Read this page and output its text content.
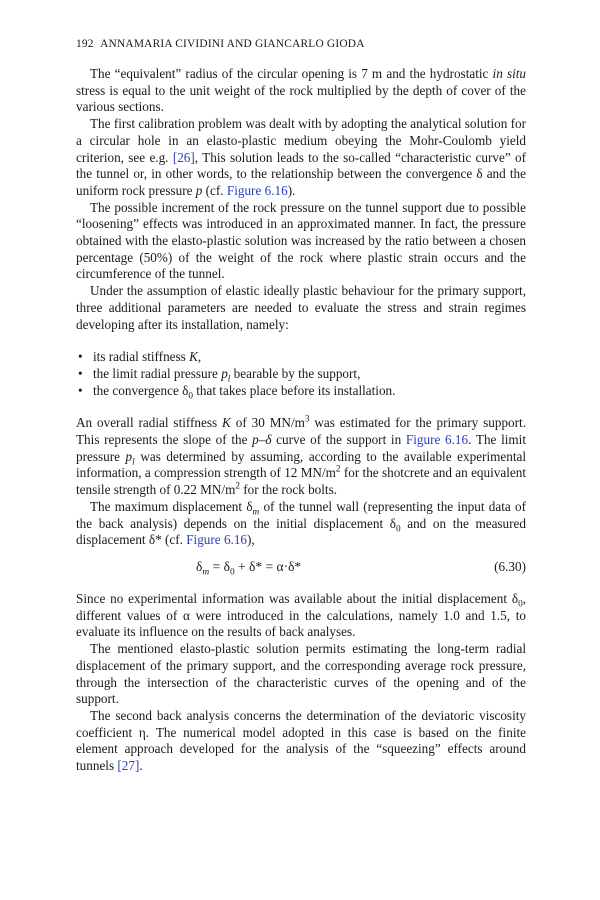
192 ANNAMARIA CIVIDINI AND GIANCARLO GIODA

The “equivalent” radius of the circular opening is 7 m and the hydrostatic in situ stress is equal to the unit weight of the rock multiplied by the depth of cover of the various sections.

The first calibration problem was dealt with by adopting the analytical solution for a circular hole in an elasto-plastic medium obeying the Mohr-Coulomb yield criterion, see e.g. [26], This solution leads to the so-called “characteristic curve” of the tunnel or, in other words, to the relationship between the convergence δ and the uniform rock pressure p (cf. Figure 6.16).

The possible increment of the rock pressure on the tunnel support due to possible “loosening” effects was introduced in an approximated manner. In fact, the pressure obtained with the elasto-plastic solution was increased by the ratio between a chosen percentage (50%) of the weight of the rock where plastic strain occurs and the circumference of the tunnel.

Under the assumption of elastic ideally plastic behaviour for the primary support, three additional parameters are needed to evaluate the stress and strain regimes developing after its installation, namely:

• its radial stiffness K,
• the limit radial pressure $p_l$ bearable by the support,
• the convergence $\delta_0$ that takes place before its installation.

An overall radial stiffness K of 30 $MN/m^3$ was estimated for the primary support. This represents the slope of the p–δ curve of the support in Figure 6.16. The limit pressure $p_l$ was determined by assuming, according to the available experimental information, a compression strength of 12 $MN/m^2$ for the shotcrete and an equivalent tensile strength of 0.22 $MN/m^2$ for the rock bolts.

The maximum displacement $\delta_m$ of the tunnel wall (representing the input data of the back analysis) depends on the initial displacement $\delta_0$ and on the measured displacement δ* (cf. Figure 6.16),

$\delta_m = \delta_0 + \delta* = \alpha\cdot\delta*$	(6.30)

Since no experimental information was available about the initial displacement $\delta_0$, different values of α were introduced in the calculations, namely 1.0 and 1.5, to evaluate its influence on the results of back analyses.

The mentioned elasto-plastic solution permits estimating the long-term radial displacement of the primary support, and the corresponding average rock pressure, through the intersection of the characteristic curves of the opening and of the support.

The second back analysis concerns the determination of the deviatoric viscosity coefficient η. The numerical model adopted in this case is based on the finite element approach developed for the analysis of the “squeezing” effects around tunnels [27].
